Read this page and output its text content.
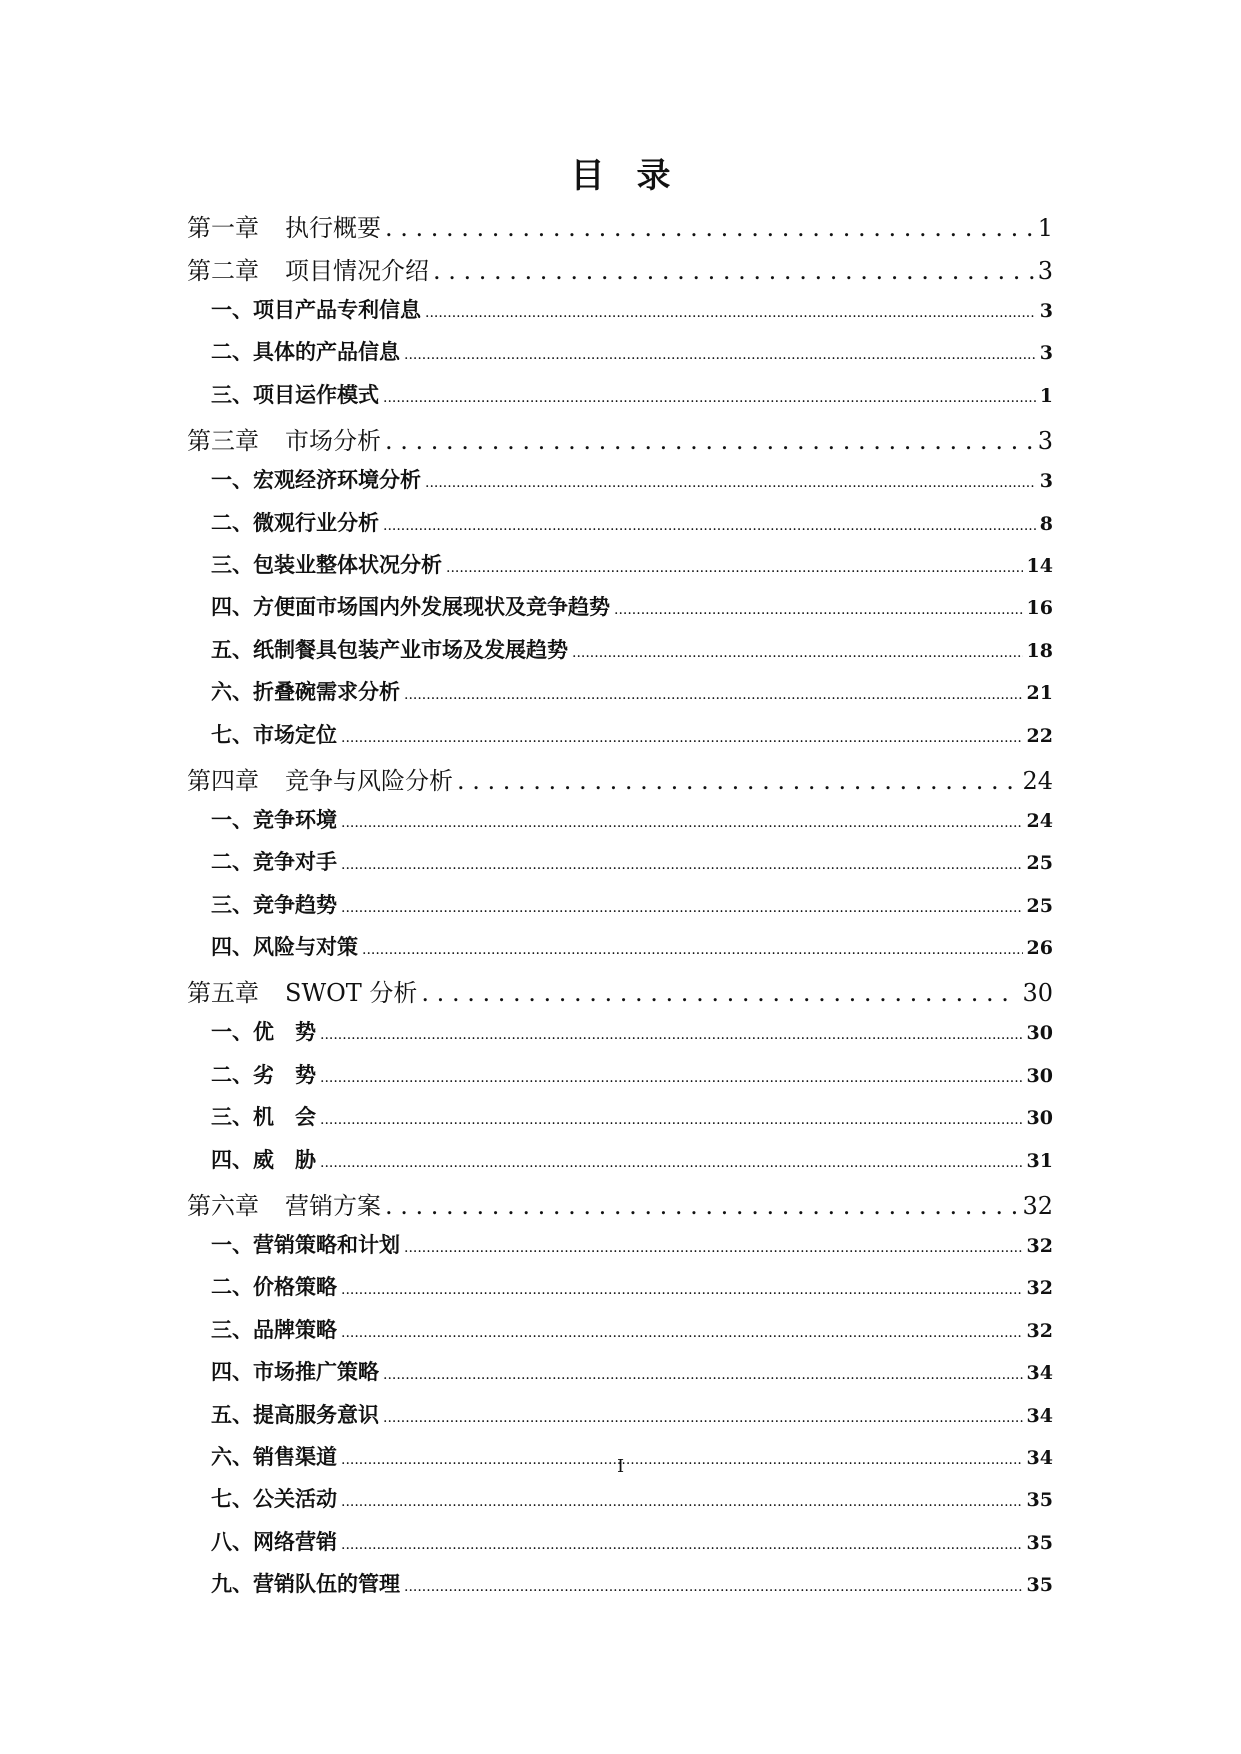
目 录
第一章 执行概要 . . .	1
第二章 项目情况介绍 . . .	3
一、项目产品专利信息 .....	3
二、具体的产品信息 .....	3
三、项目运作模式 .....	1
第三章 市场分析 . . .	3
一、宏观经济环境分析 .....	3
二、微观行业分析 .....	8
三、包装业整体状况分析 .....	14
四、方便面市场国内外发展现状及竞争趋势 .....	16
五、纸制餐具包装产业市场及发展趋势 .....	18
六、折叠碗需求分析 .....	21
七、市场定位 .....	22
第四章 竞争与风险分析 . . .	24
一、竞争环境 .....	24
二、竞争对手 .....	25
三、竞争趋势 .....	25
四、风险与对策 .....	26
第五章 SWOT 分析 . . .	30
一、优　势 .....	30
二、劣　势 .....	30
三、机　会 .....	30
四、威　胁 .....	31
第六章 营销方案 . . .	32
一、营销策略和计划 .....	32
二、价格策略 .....	32
三、品牌策略 .....	32
四、市场推广策略 .....	34
五、提高服务意识 .....	34
六、销售渠道 .....	34
七、公关活动 .....	35
八、网络营销 .....	35
九、营销队伍的管理 .....	35
I
